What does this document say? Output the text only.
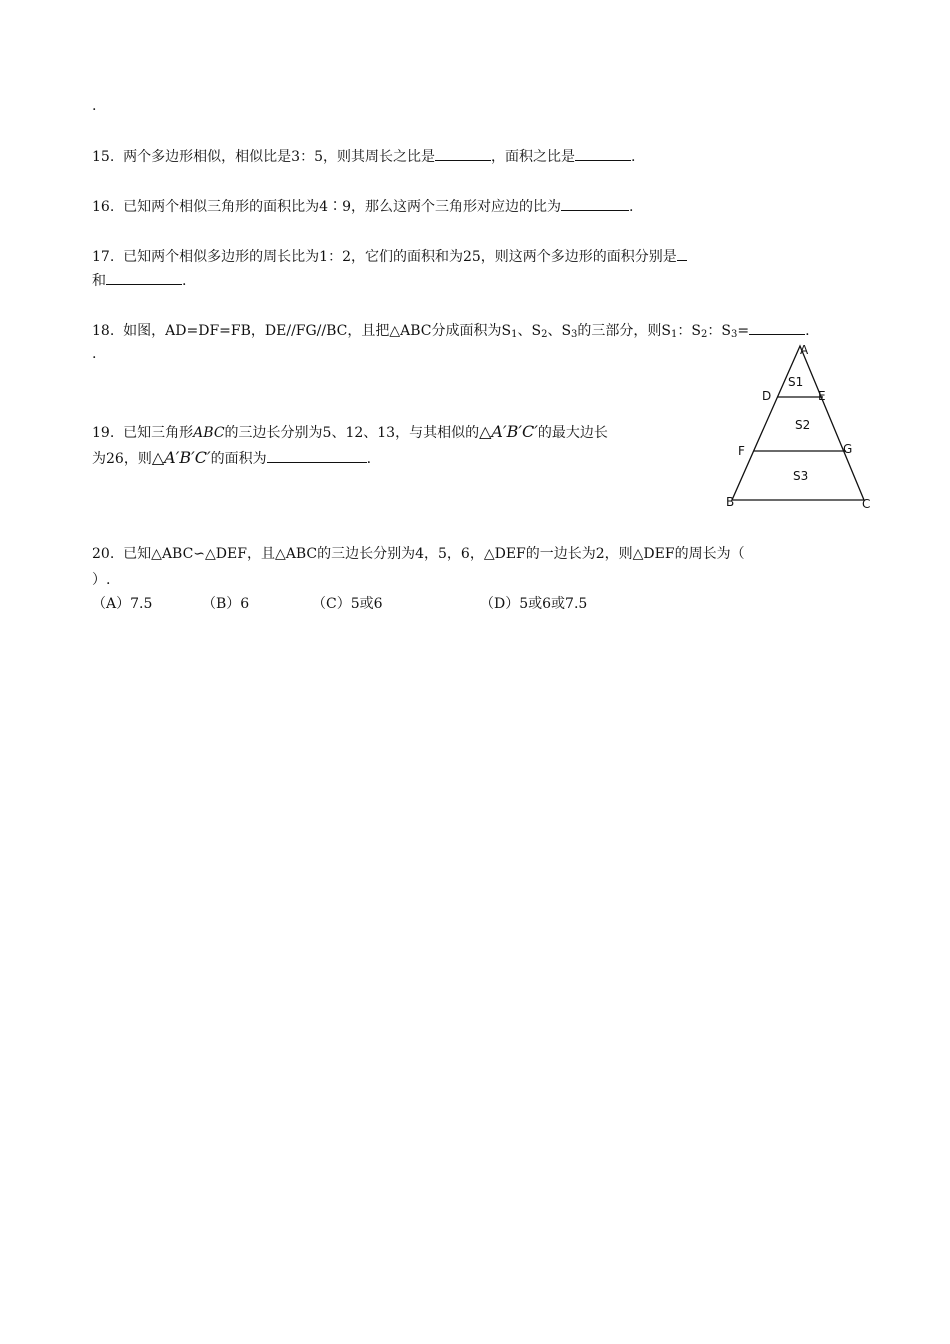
.
15. 两个多边形相似，相似比是3：5，则其周长之比是	，面积之比是	.
16. 已知两个相似三角形的面积比为4∶9，那么这两个三角形对应边的比为	.
17. 已知两个相似多边形的周长比为1：2，它们的面积和为25，则这两个多边形的面积分别是
和	.
18. 如图，AD=DF=FB，DE//FG//BC，且把△ABC分成面积为$S_1$、$S_2$、$S_3$的三部分，则$S_1$：$S_2$：$S_3=$	.
.
19. 已知三角形ABC的三边长分别为5、12、13，与其相似的△A′B′C′的最大边长
为26，则△A′B′C′的面积为	.
A
D	E
F	G
B	C
S1
S2
S3
20. 已知△ABC∽△DEF，且△ABC的三边长分别为4，5，6，△DEF的一边长为2，则△DEF的周长为（
）.
（A）7.5	（B）6	（C）5或6	（D）5或6或7.5
